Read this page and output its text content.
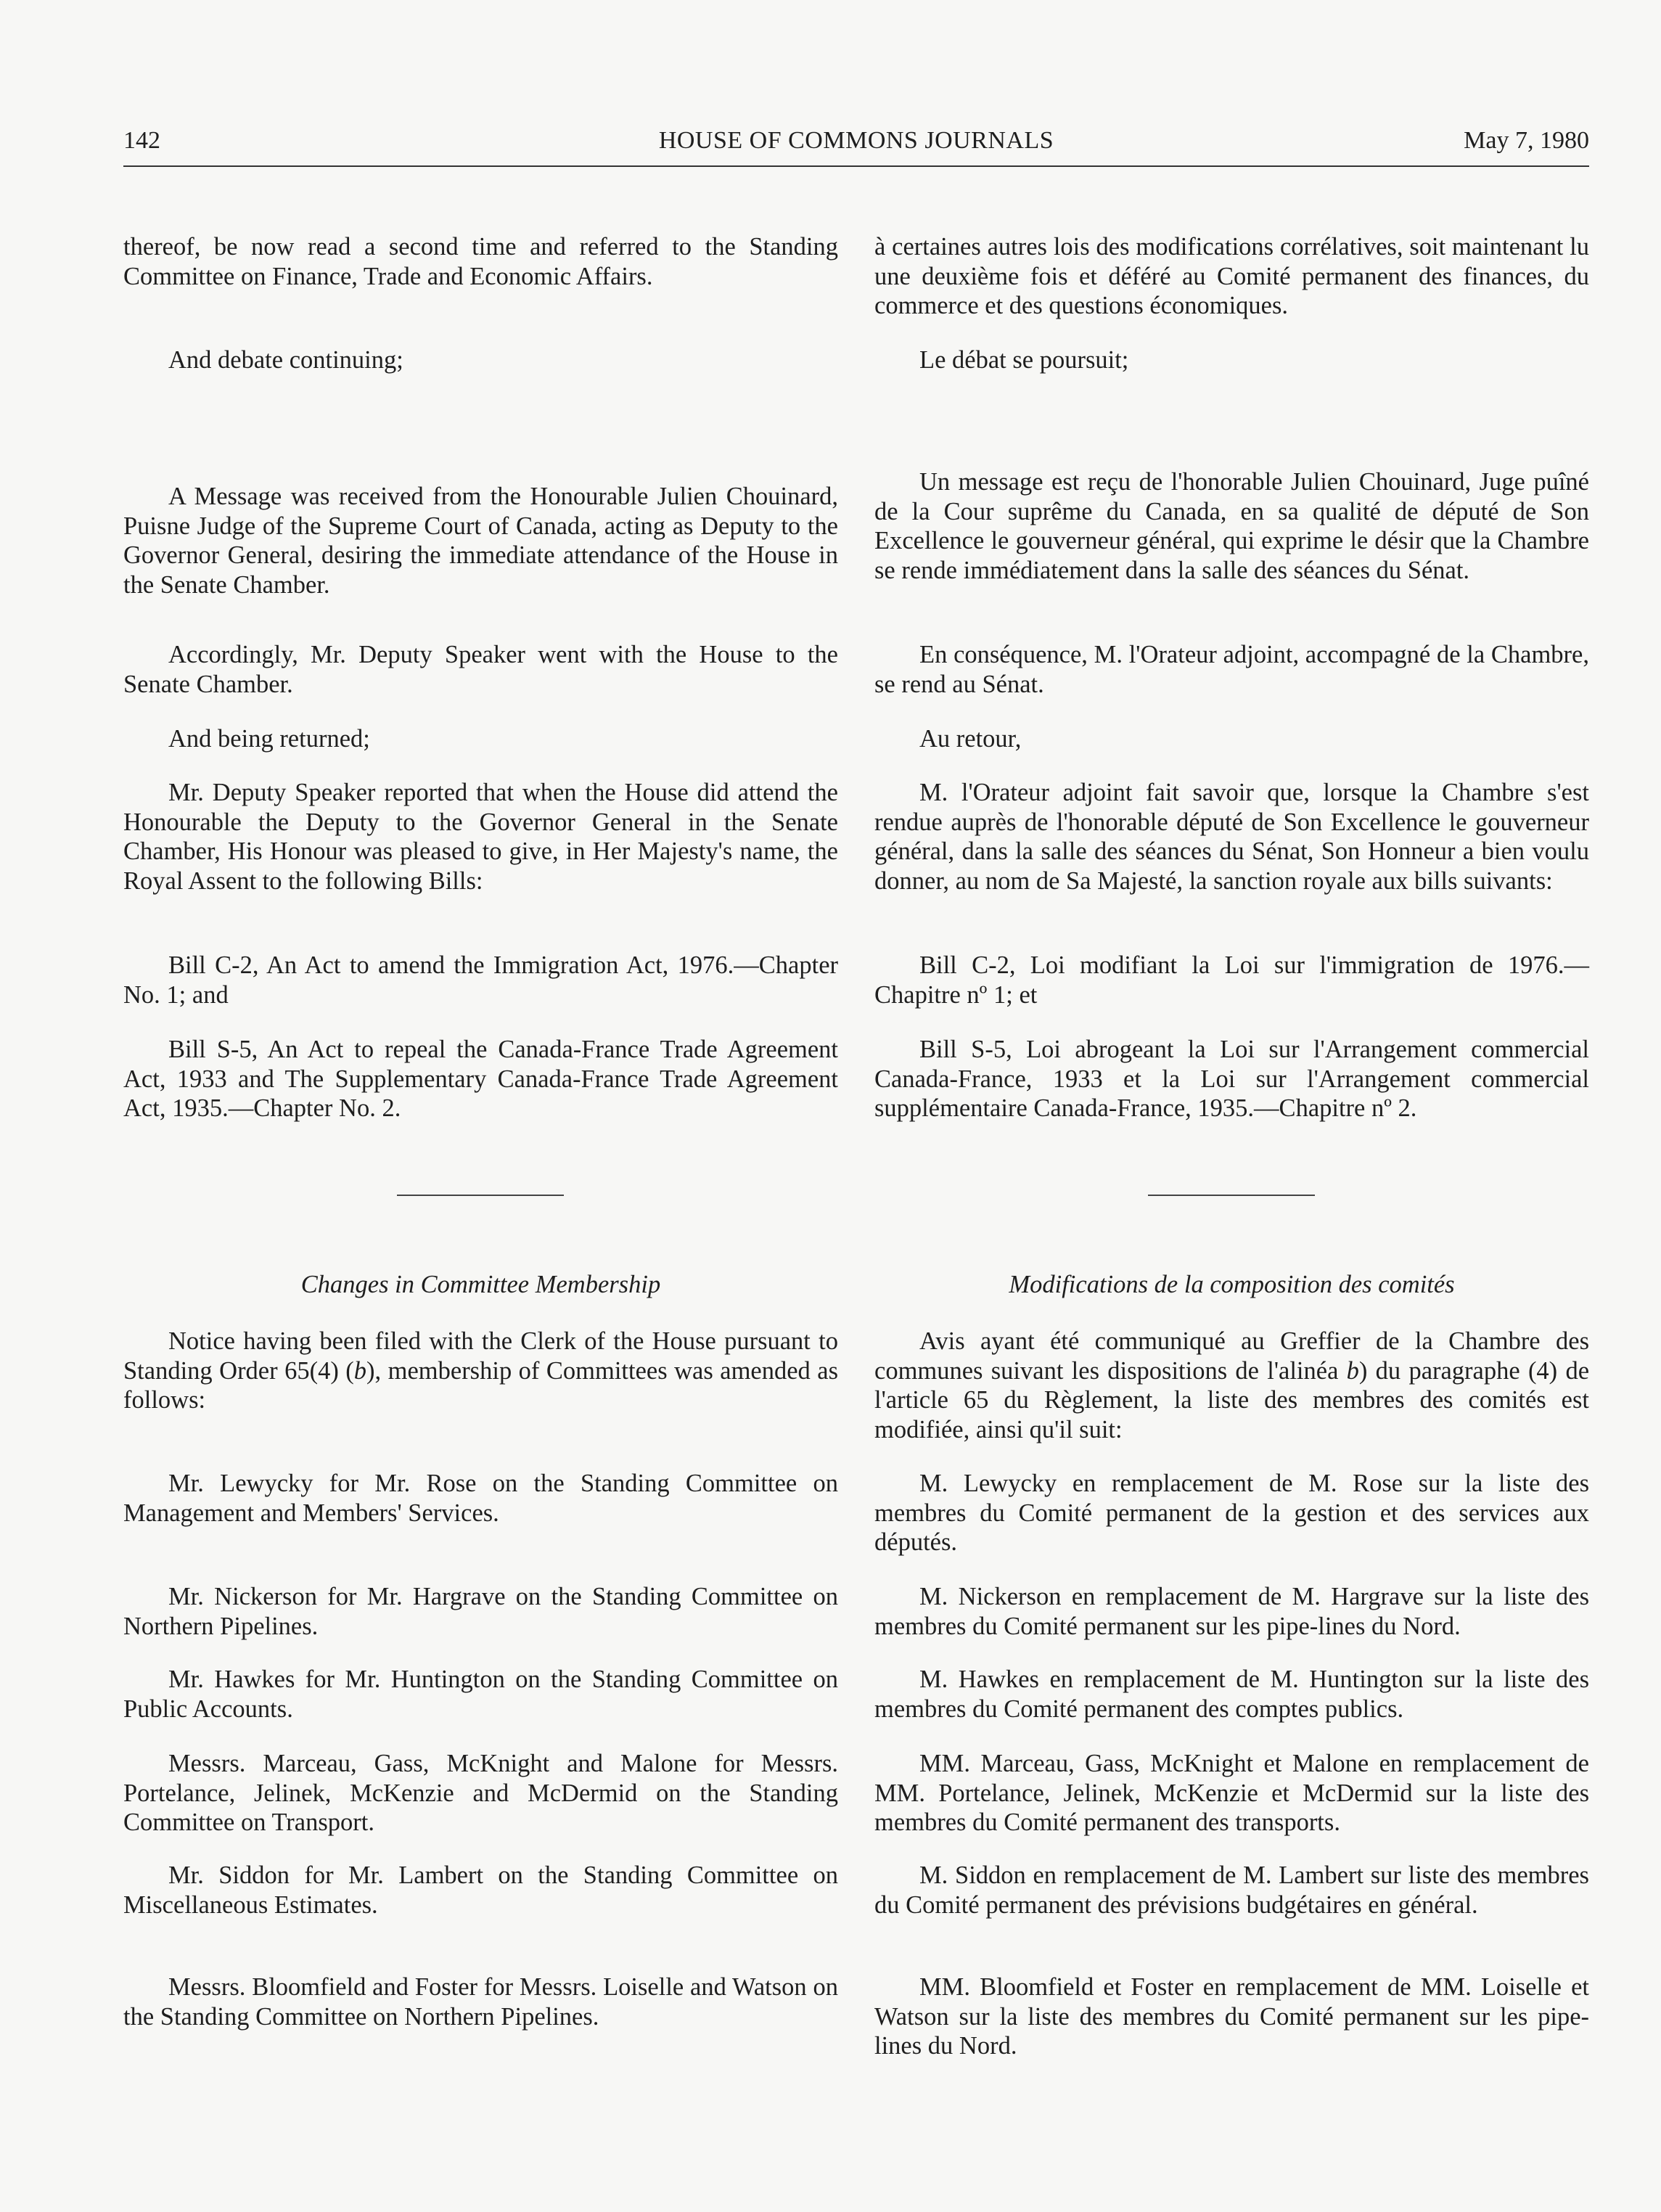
142	HOUSE OF COMMONS JOURNALS	May 7, 1980

thereof, be now read a second time and referred to the Standing Committee on Finance, Trade and Economic Affairs.

And debate continuing;

A Message was received from the Honourable Julien Chouinard, Puisne Judge of the Supreme Court of Canada, acting as Deputy to the Governor General, desiring the immediate attendance of the House in the Senate Chamber.

Accordingly, Mr. Deputy Speaker went with the House to the Senate Chamber.

And being returned;

Mr. Deputy Speaker reported that when the House did attend the Honourable the Deputy to the Governor General in the Senate Chamber, His Honour was pleased to give, in Her Majesty's name, the Royal Assent to the following Bills:

Bill C-2, An Act to amend the Immigration Act, 1976.—Chapter No. 1; and

Bill S-5, An Act to repeal the Canada-France Trade Agreement Act, 1933 and The Supplementary Canada-France Trade Agreement Act, 1935.—Chapter No. 2.

Changes in Committee Membership

Notice having been filed with the Clerk of the House pursuant to Standing Order 65(4) (b), membership of Committees was amended as follows:

Mr. Lewycky for Mr. Rose on the Standing Committee on Management and Members' Services.

Mr. Nickerson for Mr. Hargrave on the Standing Committee on Northern Pipelines.

Mr. Hawkes for Mr. Huntington on the Standing Committee on Public Accounts.

Messrs. Marceau, Gass, McKnight and Malone for Messrs. Portelance, Jelinek, McKenzie and McDermid on the Standing Committee on Transport.

Mr. Siddon for Mr. Lambert on the Standing Committee on Miscellaneous Estimates.

Messrs. Bloomfield and Foster for Messrs. Loiselle and Watson on the Standing Committee on Northern Pipelines.

à certaines autres lois des modifications corrélatives, soit maintenant lu une deuxième fois et déféré au Comité permanent des finances, du commerce et des questions économiques.

Le débat se poursuit;

Un message est reçu de l'honorable Julien Chouinard, Juge puîné de la Cour suprême du Canada, en sa qualité de député de Son Excellence le gouverneur général, qui exprime le désir que la Chambre se rende immédiatement dans la salle des séances du Sénat.

En conséquence, M. l'Orateur adjoint, accompagné de la Chambre, se rend au Sénat.

Au retour,

M. l'Orateur adjoint fait savoir que, lorsque la Chambre s'est rendue auprès de l'honorable député de Son Excellence le gouverneur général, dans la salle des séances du Sénat, Son Honneur a bien voulu donner, au nom de Sa Majesté, la sanction royale aux bills suivants:

Bill C-2, Loi modifiant la Loi sur l'immigration de 1976.—Chapitre nº 1; et

Bill S-5, Loi abrogeant la Loi sur l'Arrangement commercial Canada-France, 1933 et la Loi sur l'Arrangement commercial supplémentaire Canada-France, 1935.—Chapitre nº 2.

Modifications de la composition des comités

Avis ayant été communiqué au Greffier de la Chambre des communes suivant les dispositions de l'alinéa b) du paragraphe (4) de l'article 65 du Règlement, la liste des membres des comités est modifiée, ainsi qu'il suit:

M. Lewycky en remplacement de M. Rose sur la liste des membres du Comité permanent de la gestion et des services aux députés.

M. Nickerson en remplacement de M. Hargrave sur la liste des membres du Comité permanent sur les pipe-lines du Nord.

M. Hawkes en remplacement de M. Huntington sur la liste des membres du Comité permanent des comptes publics.

MM. Marceau, Gass, McKnight et Malone en remplacement de MM. Portelance, Jelinek, McKenzie et McDermid sur la liste des membres du Comité permanent des transports.

M. Siddon en remplacement de M. Lambert sur liste des membres du Comité permanent des prévisions budgétaires en général.

MM. Bloomfield et Foster en remplacement de MM. Loiselle et Watson sur la liste des membres du Comité permanent sur les pipe-lines du Nord.
